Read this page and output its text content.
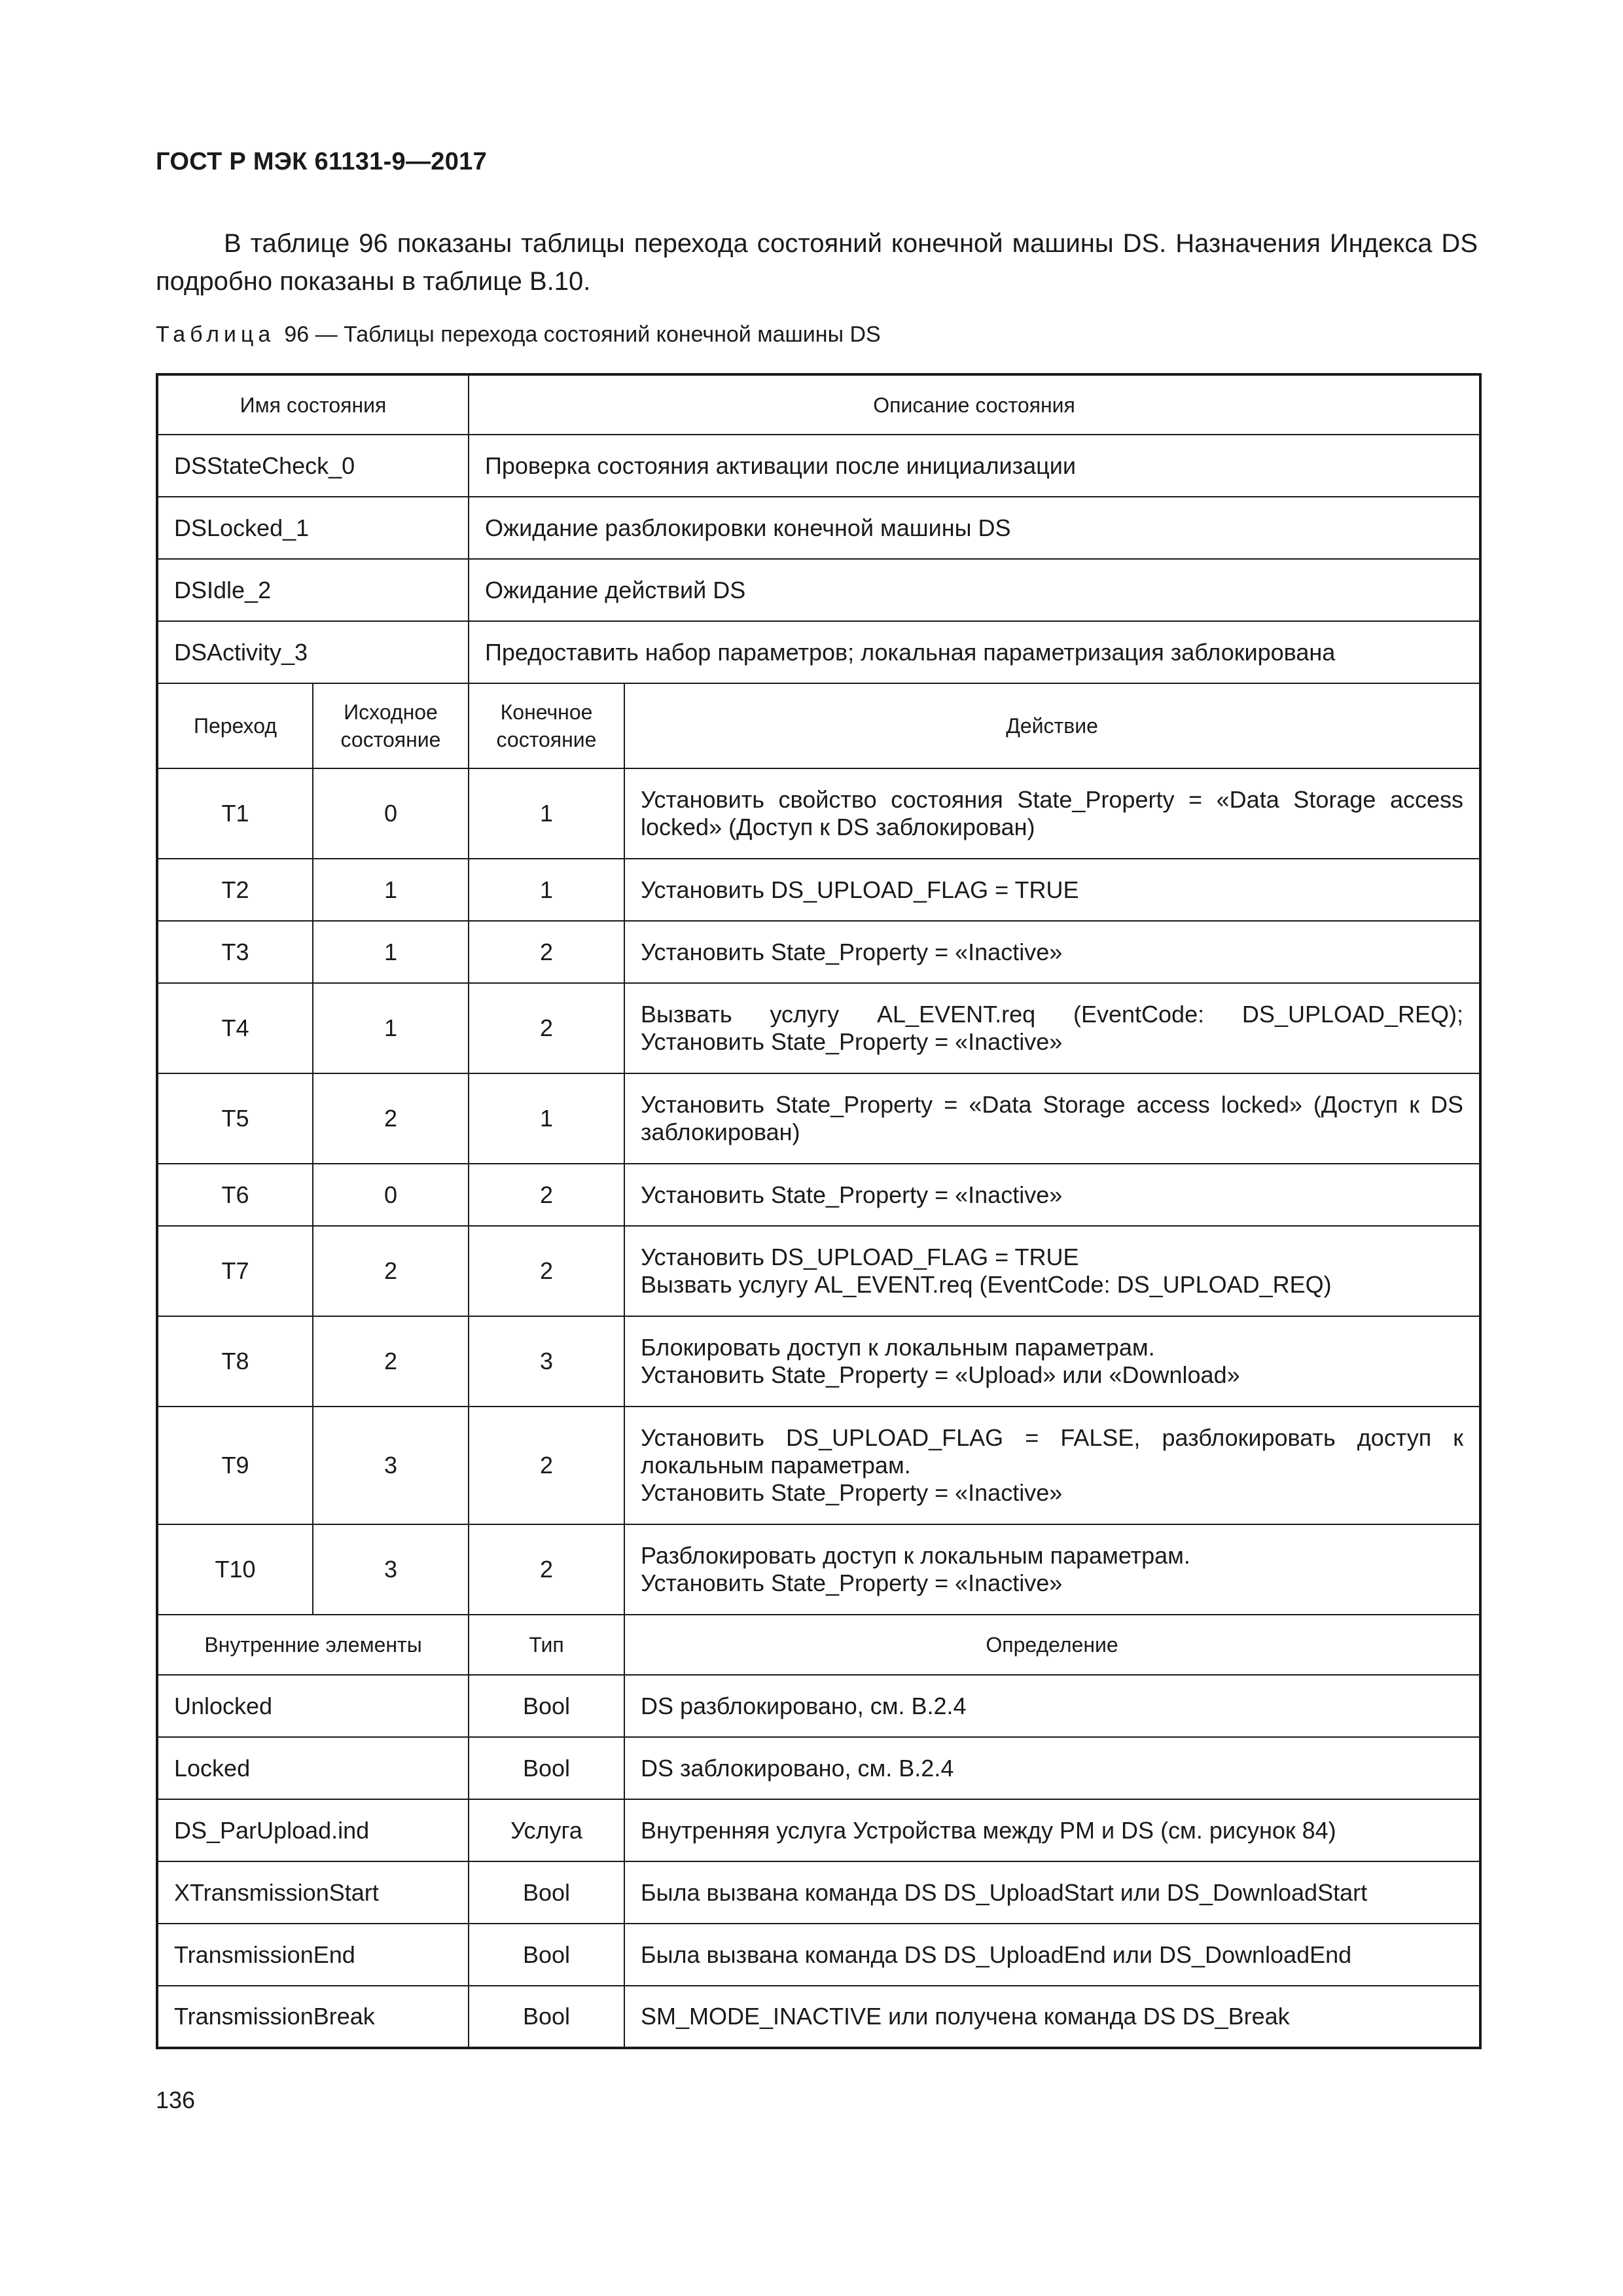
ГОСТ Р МЭК 61131-9—2017

В таблице 96 показаны таблицы перехода состояний конечной машины DS. Назначения Индекса DS подробно показаны в таблице B.10.

Таблица 96 — Таблицы перехода состояний конечной машины DS
Имя состояния		Описание состояния	
DSStateCheck_0		Проверка состояния активации после инициализации	
DSLocked_1		Ожидание разблокировки конечной машины DS	
DSIdle_2		Ожидание действий DS	
DSActivity_3		Предоставить набор параметров; локальная параметризация заблокирована	
Переход	Исходное состояние	Конечное состояние	Действие
T1	0	1	Установить свойство состояния State_Property = «Data Storage access locked» (Доступ к DS заблокирован)
T2	1	1	Установить DS_UPLOAD_FLAG = TRUE
T3	1	2	Установить State_Property = «Inactive»
T4	1	2	Вызвать услугу AL_EVENT.req (EventCode: DS_UPLOAD_REQ); Установить State_Property = «Inactive»
T5	2	1	Установить State_Property = «Data Storage access locked» (Доступ к DS заблокирован)
T6	0	2	Установить State_Property = «Inactive»
T7	2	2	Установить DS_UPLOAD_FLAG = TRUE
Вызвать услугу AL_EVENT.req (EventCode: DS_UPLOAD_REQ)
T8	2	3	Блокировать доступ к локальным параметрам.
Установить State_Property = «Upload» или «Download»
T9	3	2	Установить DS_UPLOAD_FLAG = FALSE, разблокировать доступ к локальным параметрам.
Установить State_Property = «Inactive»
T10	3	2	Разблокировать доступ к локальным параметрам.
Установить State_Property = «Inactive»
Внутренние элементы		Тип	Определение
Unlocked		Bool	DS разблокировано, см. B.2.4
Locked		Bool	DS заблокировано, см. B.2.4
DS_ParUpload.ind		Услуга	Внутренняя услуга Устройства между PM и DS (см. рисунок 84)
XTransmissionStart		Bool	Была вызвана команда DS DS_UploadStart или DS_DownloadStart
TransmissionEnd		Bool	Была вызвана команда DS DS_UploadEnd или DS_DownloadEnd
TransmissionBreak		Bool	SM_MODE_INACTIVE или получена команда DS DS_Break
136
